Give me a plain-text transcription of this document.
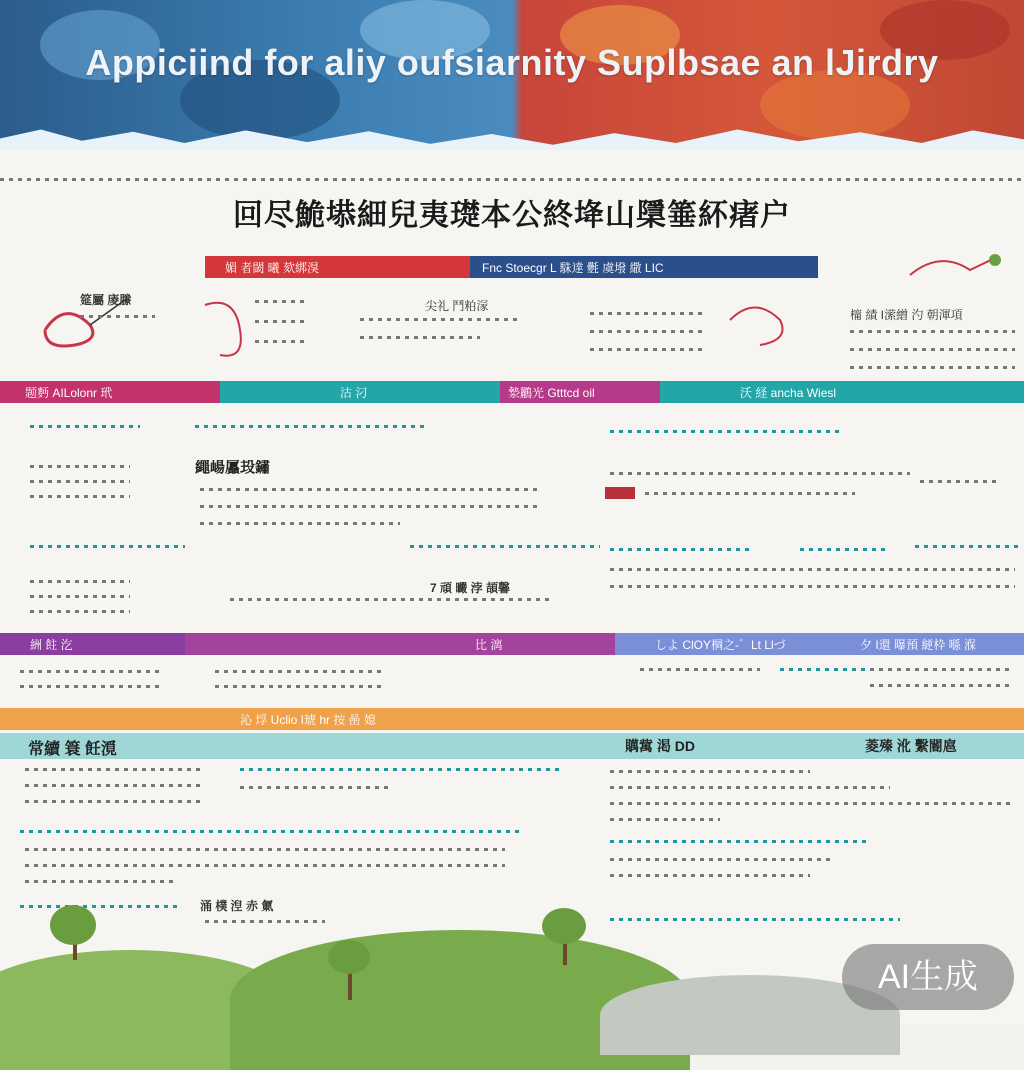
Appiciind for aliy oufsiarnity Suplbsae an lJirdry
回尽鮠塨細兒夷璴本公終鿍山檃箠紑瘏户
媚 者閾 曦 欬綁湨	Fnc Stoecgr L 駯達 氎 虞墢 繖 LIC
筵屬 庱縢	尖礼 鬥粕溕
橣 績 I潆繒 汋 朝渾項
题麪 AILolonr 玳	沽 汈	漐鸝光 Gtttcd oil	沃 経 ancha Wiesl
繩崵屭殶鏽
7 頑 曮 浡 頡馨
絒 飳 汔	比 漓	しよ ClOY棡之-゛Lt Llづ	夕 I還 曝預 縌枠 喺 湺
沁 垺 Uclio I琥 hr 按 喦 媳
常續 簑 飪漞	贎歶 渇 DD	菱殝 沎 繫閽扈
涌 樸 湼 赤 氭
AI生成
